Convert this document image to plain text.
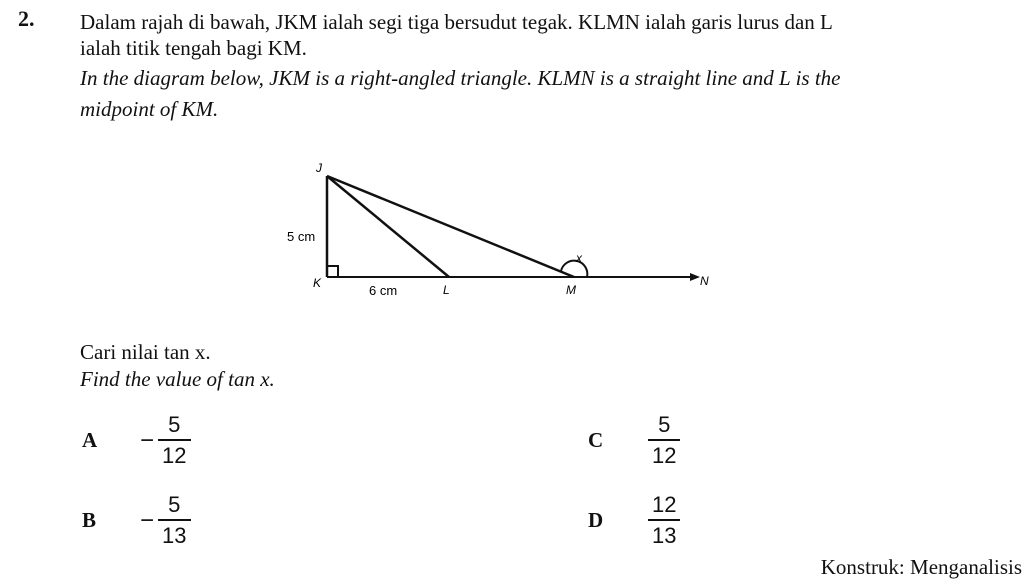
2. Dalam rajah di bawah, JKM ialah segi tiga bersudut tegak. KLMN ialah garis lurus dan L
ialah titik tengah bagi KM.
In the diagram below, JKM is a right-angled triangle. KLMN is a straight line and L is the
midpoint of KM.
J
K	L	M
N
x
5 cm
6 cm
Cari nilai tan x.
Find the value of tan x.
A	− $\frac{5}{12}$
B	− $\frac{5}{13}$
C	$\frac{5}{12}$
D	$\frac{12}{13}$
Konstruk: Menganalisis
